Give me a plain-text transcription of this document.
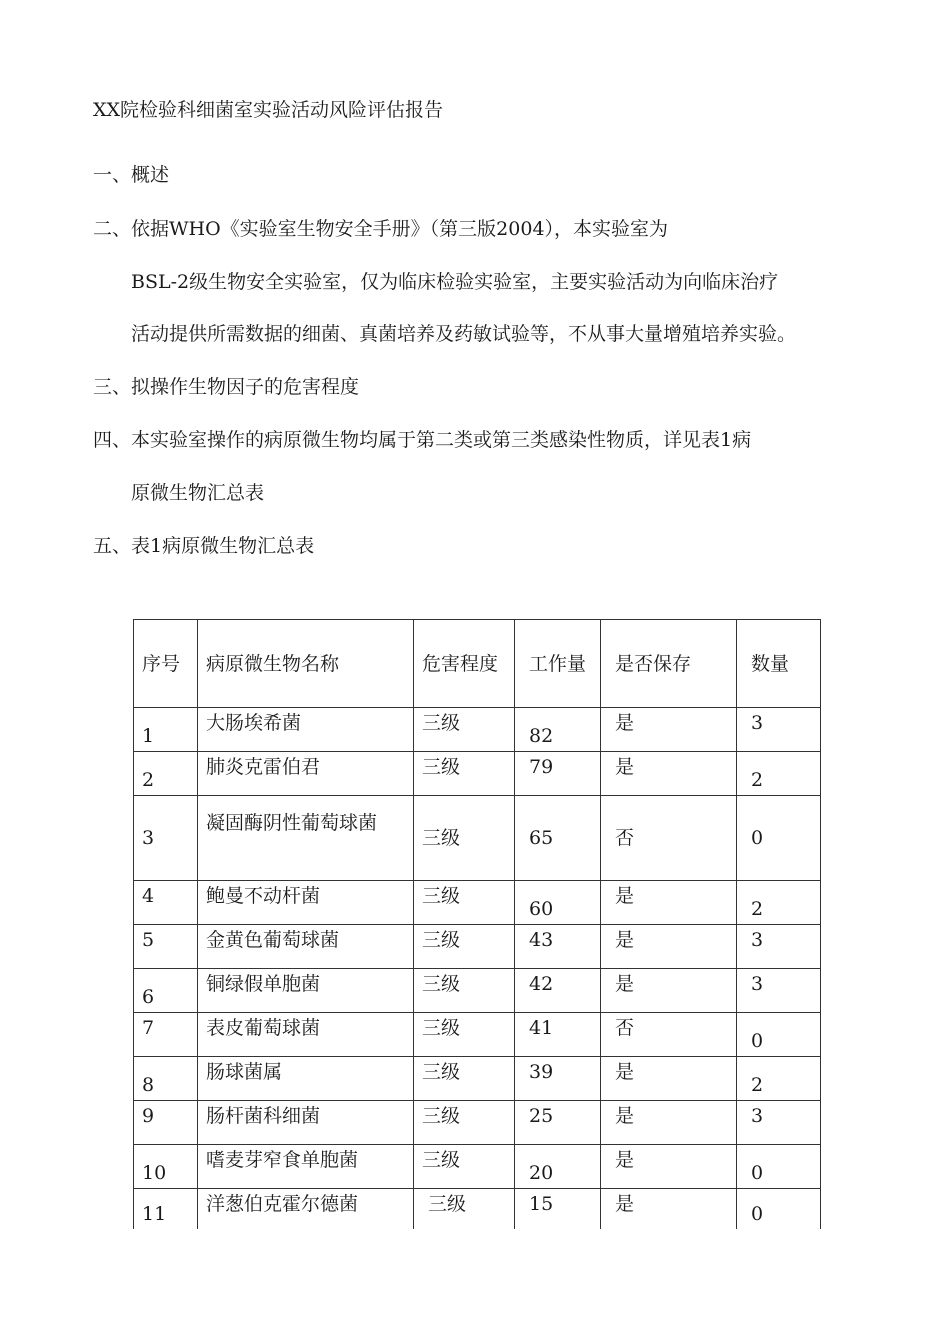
XX院检验科细菌室实验活动风险评估报告
一、概述
二、依据WHO《实验室生物安全手册》（第三版2004），本实验室为
BSL-2级生物安全实验室，仅为临床检验实验室，主要实验活动为向临床治疗
活动提供所需数据的细菌、真菌培养及药敏试验等，不从事大量增殖培养实验。
三、拟操作生物因子的危害程度
四、本实验室操作的病原微生物均属于第二类或第三类感染性物质，详见表1病
原微生物汇总表
五、表1病原微生物汇总表
序号	病原微生物名称	危害程度	工作量	是否保存	数量
1	大肠埃希菌	三级	82	是	3
2	肺炎克雷伯君	三级	79	是	2
3	凝固酶阴性葡萄球菌	三级	65	否	0
4	鲍曼不动杆菌	三级	60	是	2
5	金黄色葡萄球菌	三级	43	是	3
6	铜绿假单胞菌	三级	42	是	3
7	表皮葡萄球菌	三级	41	否	0
8	肠球菌属	三级	39	是	2
9	肠杆菌科细菌	三级	25	是	3
10	嗜麦芽窄食单胞菌	三级	20	是	0
11	洋葱伯克霍尔德菌	三级	15	是	0
